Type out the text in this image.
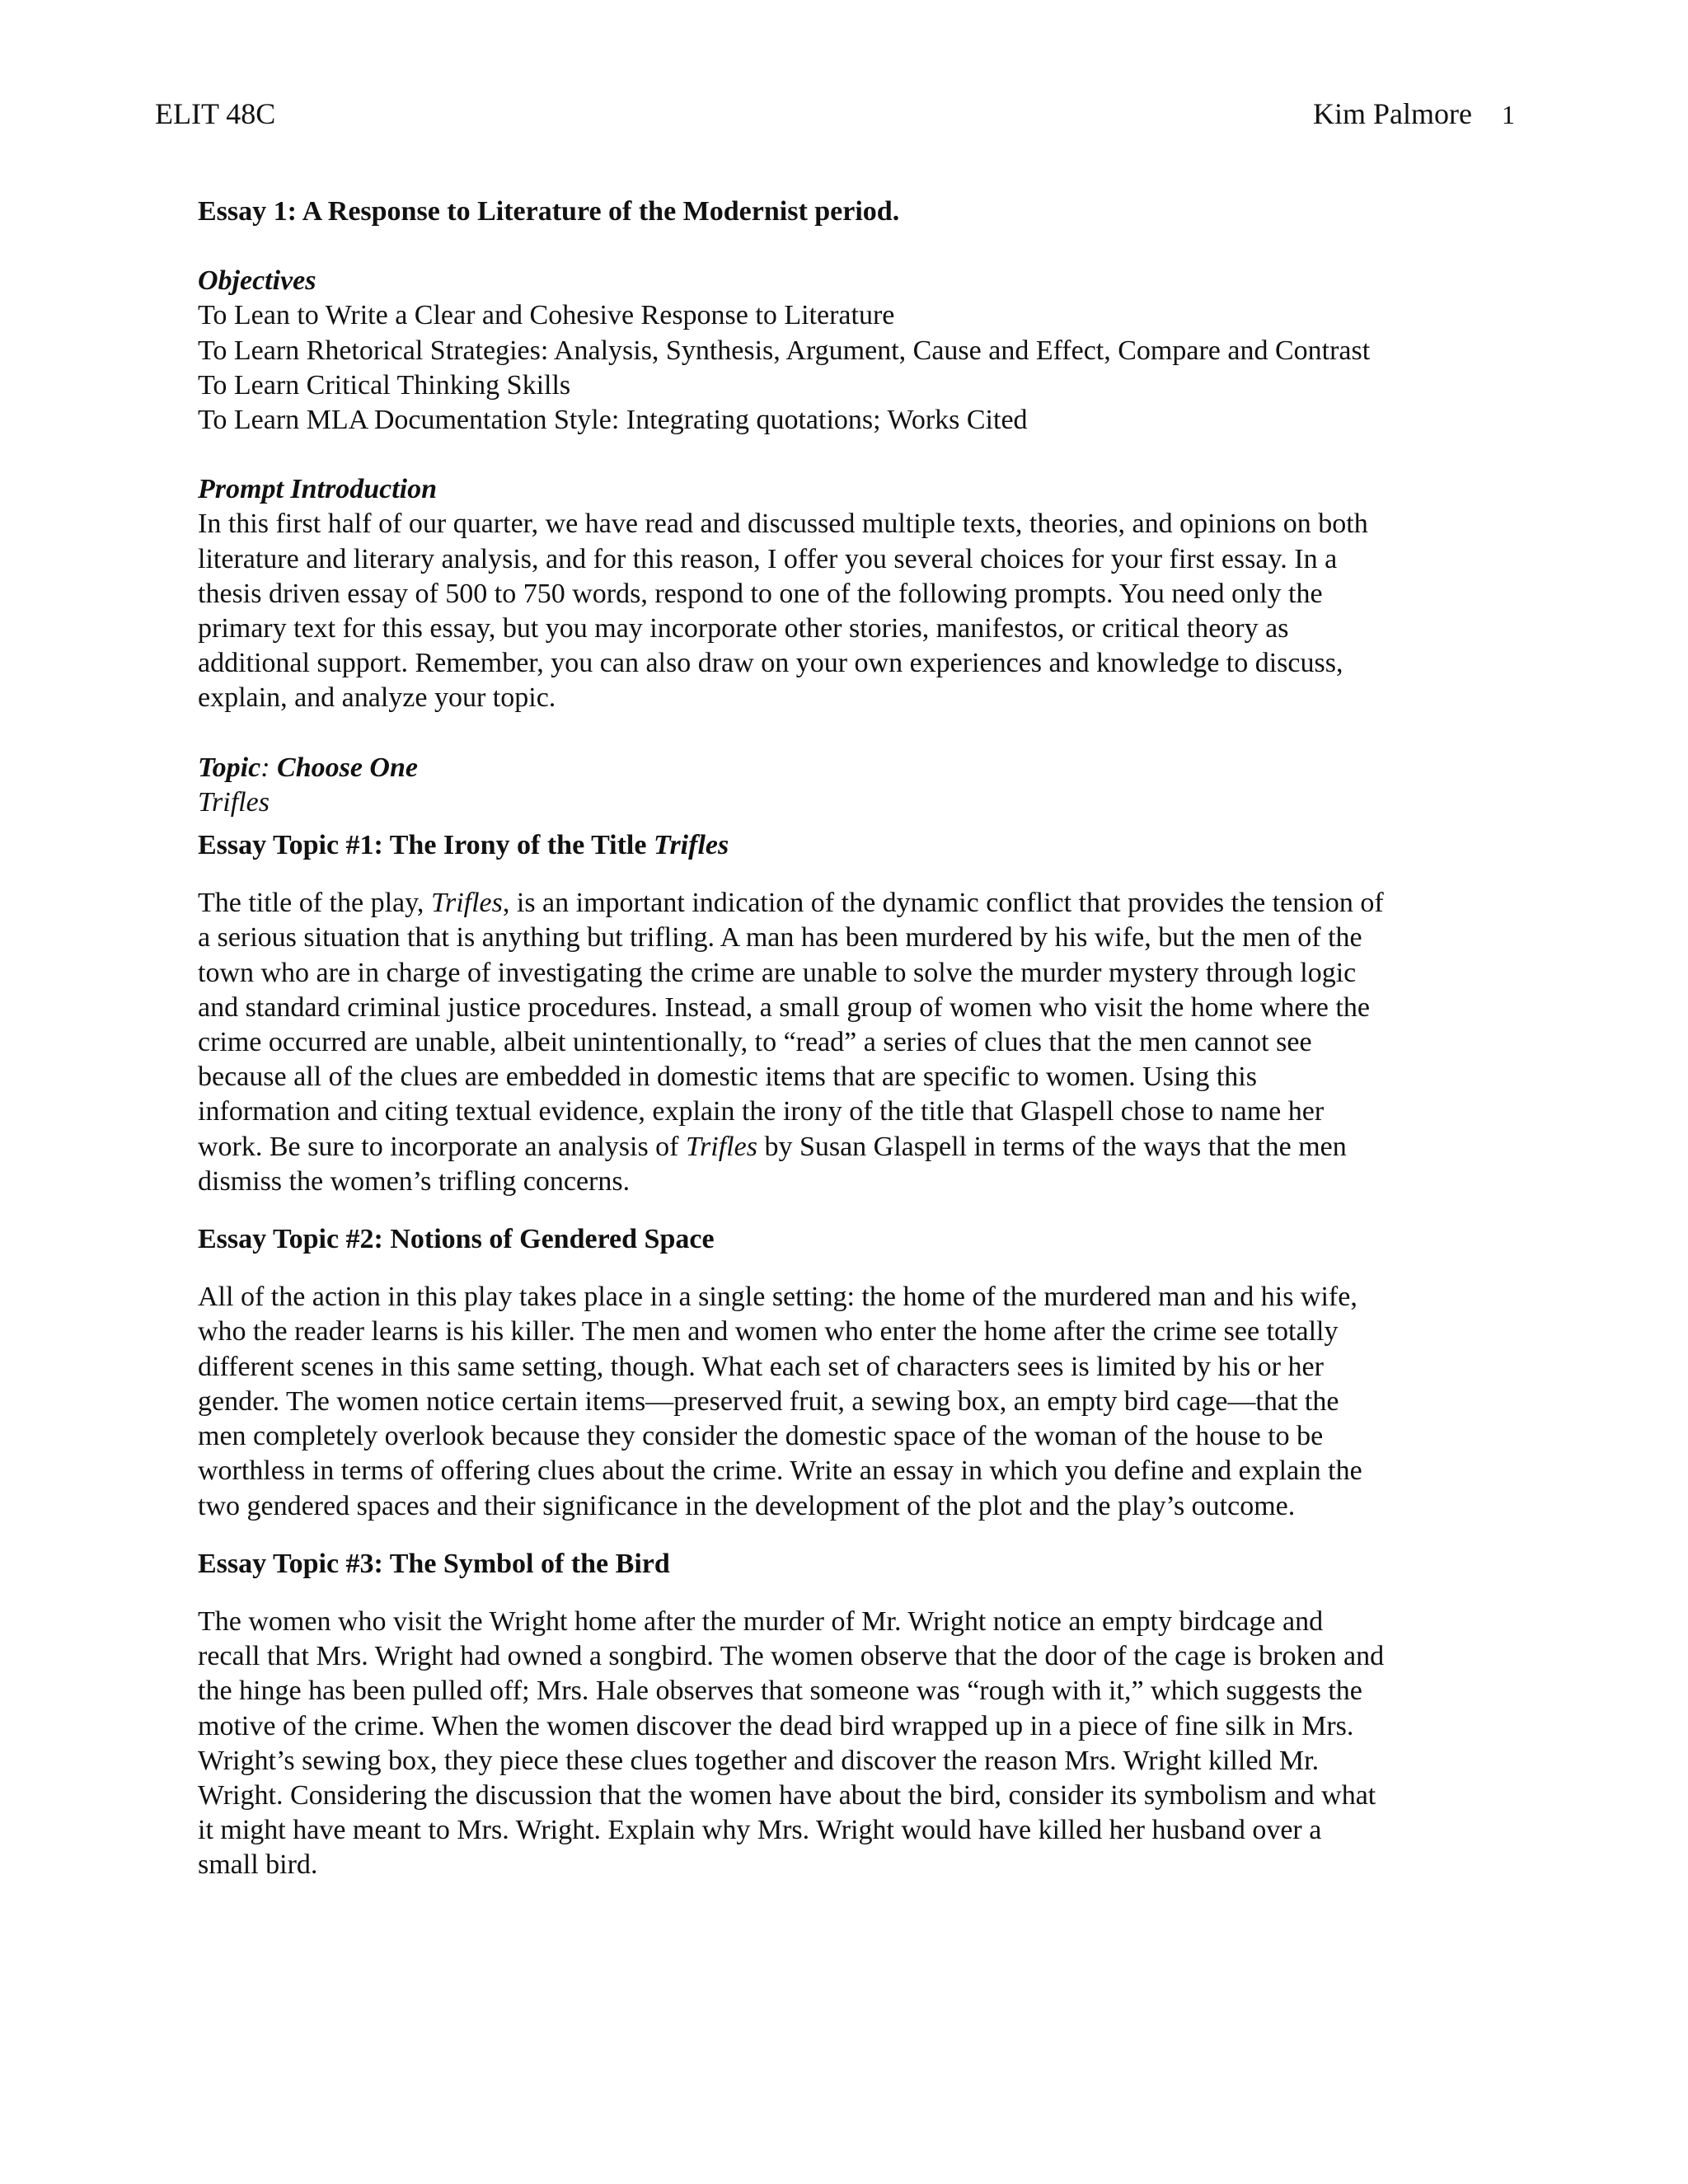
ELIT 48C	Kim Palmore 1
Essay 1: A Response to Literature of the Modernist period.
Objectives
To Lean to Write a Clear and Cohesive Response to Literature
To Learn Rhetorical Strategies: Analysis, Synthesis, Argument, Cause and Effect, Compare and Contrast
To Learn Critical Thinking Skills
To Learn MLA Documentation Style: Integrating quotations; Works Cited
Prompt Introduction
In this first half of our quarter, we have read and discussed multiple texts, theories, and opinions on both
literature and literary analysis, and for this reason, I offer you several choices for your first essay. In a
thesis driven essay of 500 to 750 words, respond to one of the following prompts. You need only the
primary text for this essay, but you may incorporate other stories, manifestos, or critical theory as
additional support. Remember, you can also draw on your own experiences and knowledge to discuss,
explain, and analyze your topic.
Topic: Choose One
Trifles
Essay Topic #1: The Irony of the Title Trifles
The title of the play, Trifles, is an important indication of the dynamic conflict that provides the tension of
a serious situation that is anything but trifling. A man has been murdered by his wife, but the men of the
town who are in charge of investigating the crime are unable to solve the murder mystery through logic
and standard criminal justice procedures. Instead, a small group of women who visit the home where the
crime occurred are unable, albeit unintentionally, to “read” a series of clues that the men cannot see
because all of the clues are embedded in domestic items that are specific to women. Using this
information and citing textual evidence, explain the irony of the title that Glaspell chose to name her
work. Be sure to incorporate an analysis of Trifles by Susan Glaspell in terms of the ways that the men
dismiss the women’s trifling concerns.
Essay Topic #2: Notions of Gendered Space
All of the action in this play takes place in a single setting: the home of the murdered man and his wife,
who the reader learns is his killer. The men and women who enter the home after the crime see totally
different scenes in this same setting, though. What each set of characters sees is limited by his or her
gender. The women notice certain items—preserved fruit, a sewing box, an empty bird cage—that the
men completely overlook because they consider the domestic space of the woman of the house to be
worthless in terms of offering clues about the crime. Write an essay in which you define and explain the
two gendered spaces and their significance in the development of the plot and the play’s outcome.
Essay Topic #3: The Symbol of the Bird
The women who visit the Wright home after the murder of Mr. Wright notice an empty birdcage and
recall that Mrs. Wright had owned a songbird. The women observe that the door of the cage is broken and
the hinge has been pulled off; Mrs. Hale observes that someone was “rough with it,” which suggests the
motive of the crime. When the women discover the dead bird wrapped up in a piece of fine silk in Mrs.
Wright’s sewing box, they piece these clues together and discover the reason Mrs. Wright killed Mr.
Wright. Considering the discussion that the women have about the bird, consider its symbolism and what
it might have meant to Mrs. Wright. Explain why Mrs. Wright would have killed her husband over a
small bird.
